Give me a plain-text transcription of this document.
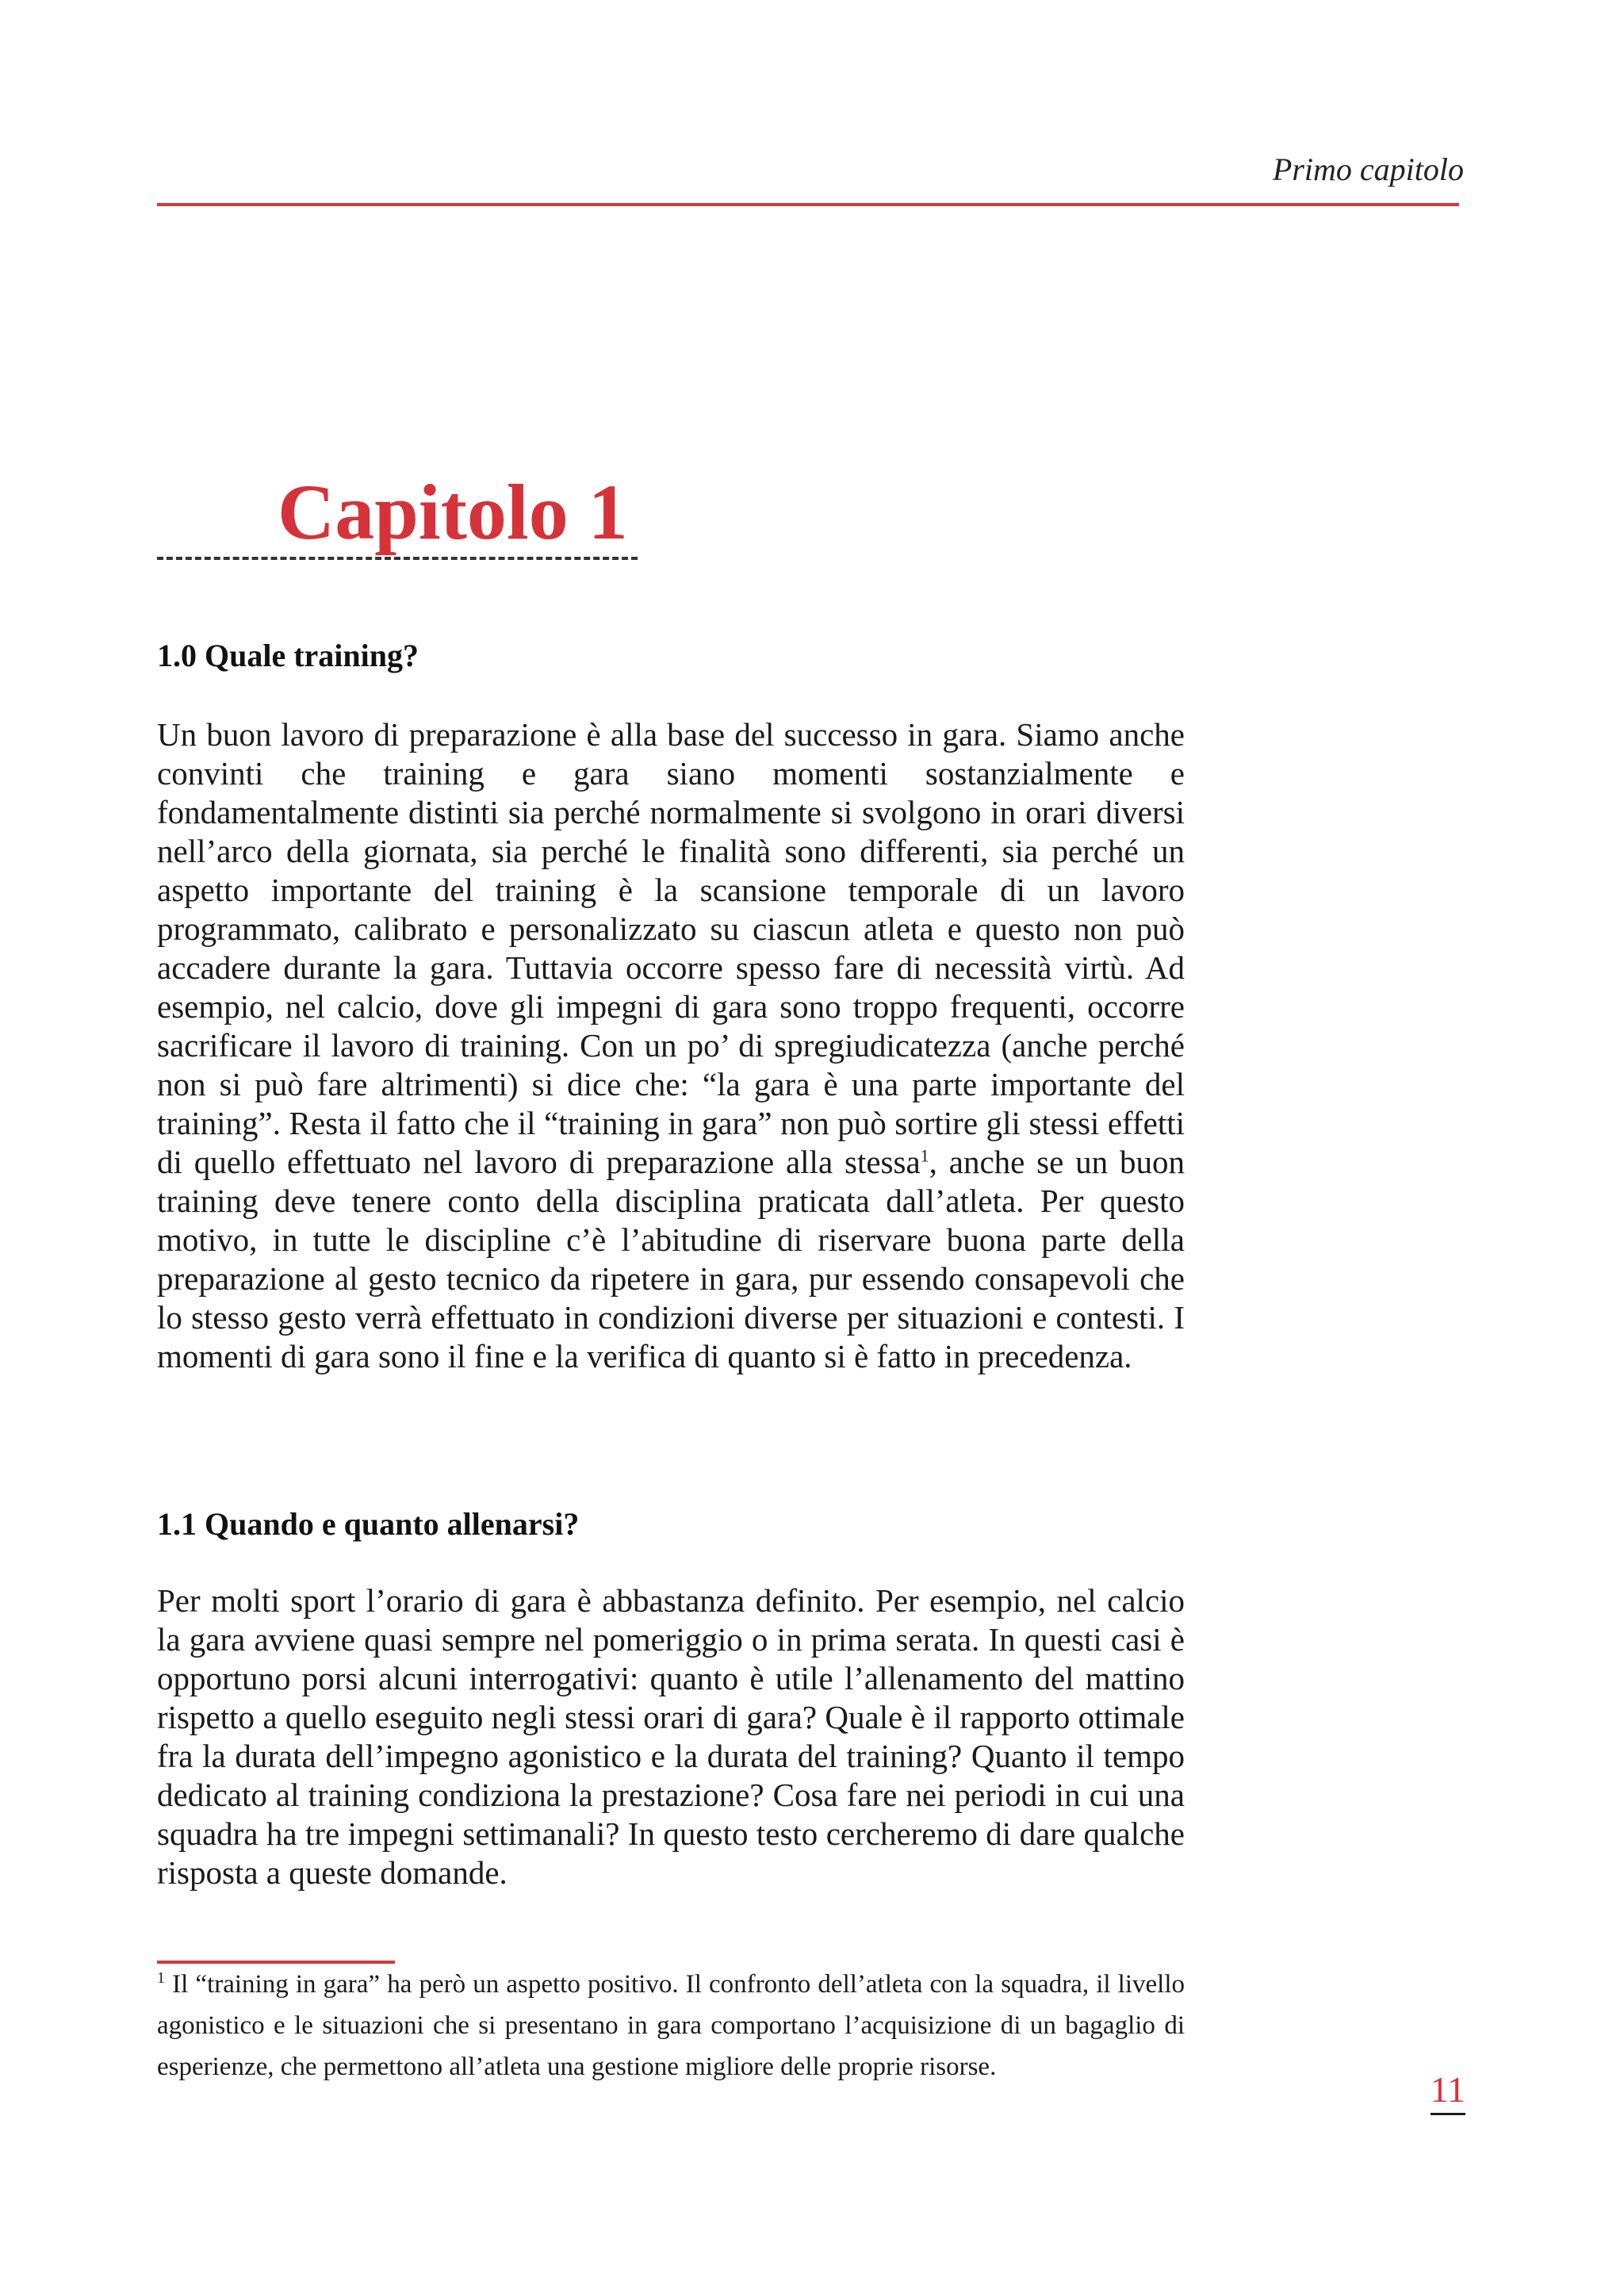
Primo capitolo
Capitolo 1
1.0 Quale training?

Un buon lavoro di preparazione è alla base del successo in gara. Siamo anche convinti che training e gara siano momenti sostanzialmente e fondamentalmente distinti sia perché normalmente si svolgono in orari diversi nell’arco della giornata, sia perché le finalità sono differenti, sia perché un aspetto importante del training è la scansione temporale di un lavoro programmato, calibrato e personalizzato su ciascun atleta e questo non può accadere durante la gara. Tuttavia occorre spesso fare di necessità virtù. Ad esempio, nel calcio, dove gli impegni di gara sono troppo frequenti, occorre sacrificare il lavoro di training. Con un po’ di spregiudicatezza (anche perché non si può fare altrimenti) si dice che: “la gara è una parte importante del training”. Resta il fatto che il “training in gara” non può sortire gli stessi effetti di quello effettuato nel lavoro di preparazione alla stessa$^1$, anche se un buon training deve tenere conto della disciplina praticata dall’atleta. Per questo motivo, in tutte le discipline c’è l’abitudine di riservare buona parte della preparazione al gesto tecnico da ripetere in gara, pur essendo consapevoli che lo stesso gesto verrà effettuato in condizioni diverse per situazioni e contesti. I momenti di gara sono il fine e la verifica di quanto si è fatto in precedenza.

1.1 Quando e quanto allenarsi?

Per molti sport l’orario di gara è abbastanza definito. Per esempio, nel calcio la gara avviene quasi sempre nel pomeriggio o in prima serata. In questi casi è opportuno porsi alcuni interrogativi: quanto è utile l’allenamento del mattino rispetto a quello eseguito negli stessi orari di gara? Quale è il rapporto ottimale fra la durata dell’impegno agonistico e la durata del training? Quanto il tempo dedicato al training condiziona la prestazione? Cosa fare nei periodi in cui una squadra ha tre impegni settimanali? In questo testo cercheremo di dare qualche risposta a queste domande.

$^1$ Il “training in gara” ha però un aspetto positivo. Il confronto dell’atleta con la squadra, il livello agonistico e le situazioni che si presentano in gara comportano l’acquisizione di un bagaglio di esperienze, che permettono all’atleta una gestione migliore delle proprie risorse.

11
